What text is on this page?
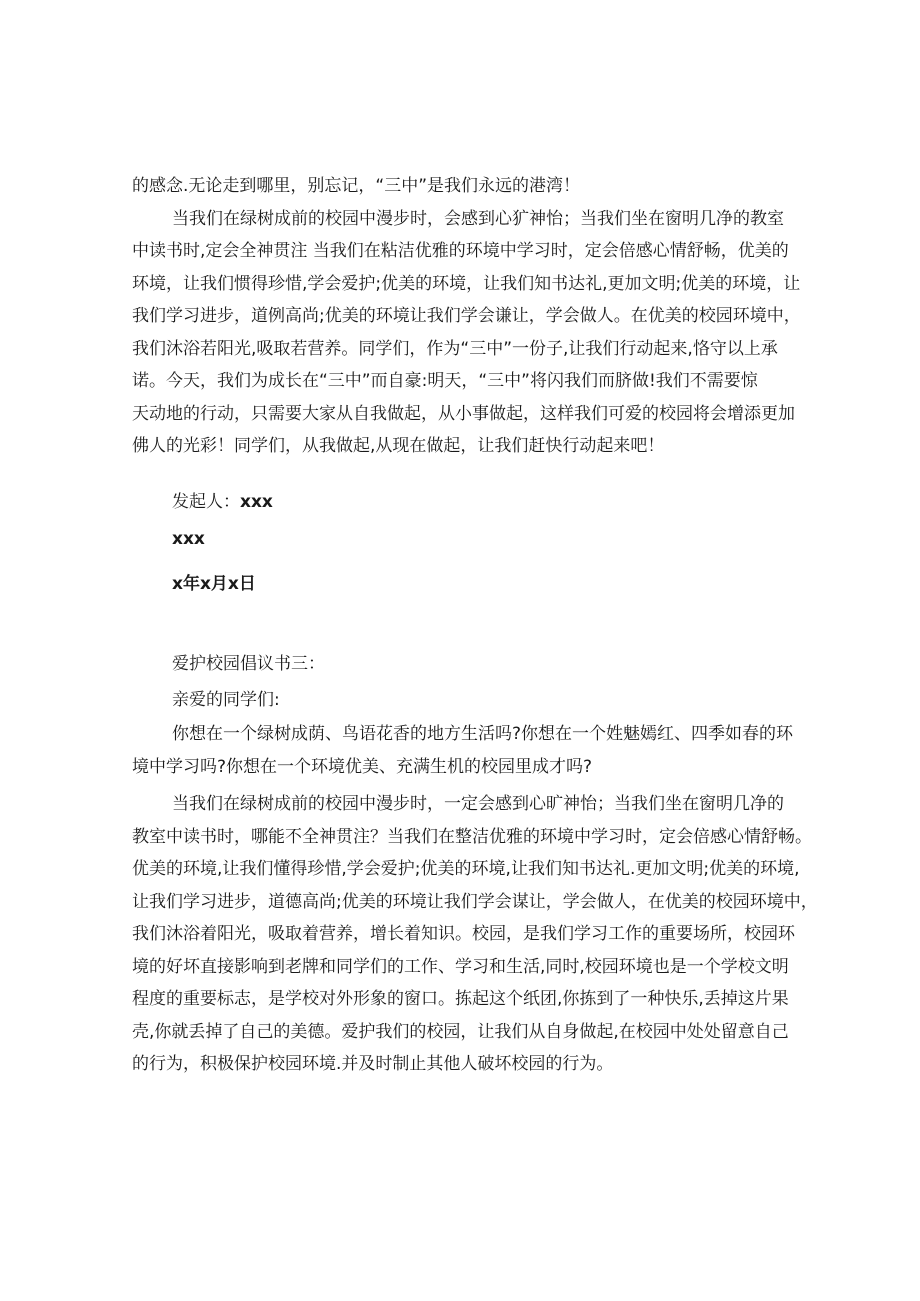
的感念.无论走到哪里，别忘记，“三中”是我们永远的港湾！
当我们在绿树成前的校园中漫步时，会感到心犷神怡；当我们坐在窗明几净的教室
中读书时,定会全神贯注 当我们在粘洁优雅的环境中学习时，定会倍感心情舒畅，优美的
环境，让我们惯得珍惜,学会爱护;优美的环境，让我们知书达礼,更加文明;优美的环境，让
我们学习进步，道例高尚;优美的环境让我们学会谦让，学会做人。在优美的校园环境中，
我们沐浴若阳光,吸取若营养。同学们，作为“三中”一份子,让我们行动起来,恪守以上承
诺。今天，我们为成长在“三中”而自豪:明天，“三中”将闪我们而脐做!我们不需要惊
天动地的行动，只需要大家从自我做起，从小事做起，这样我们可爱的校园将会增添更加
佛人的光彩！同学们，从我做起,从现在做起，让我们赶快行动起来吧！
发起人：xxx
xxx
x年x月x日
爱护校园倡议书三：
亲爱的同学们:
你想在一个绿树成荫、鸟语花香的地方生活吗?你想在一个姓魅嫣红、四季如春的环
境中学习吗?你想在一个环境优美、充满生机的校园里成才吗?
当我们在绿树成前的校园中漫步时，一定会感到心旷神怡；当我们坐在窗明几净的
教室中读书时，哪能不全神贯注？当我们在整洁优雅的环境中学习时，定会倍感心情舒畅。
优美的环境,让我们懂得珍惜,学会爱护;优美的环境,让我们知书达礼.更加文明;优美的环境,
让我们学习进步，道德高尚;优美的环境让我们学会谋让，学会做人，在优美的校园环境中，
我们沐浴着阳光，吸取着营养，增长着知识。校园，是我们学习工作的重要场所，校园环
境的好坏直接影响到老牌和同学们的工作、学习和生活,同时,校园环境也是一个学校文明
程度的重要标志，是学校对外形象的窗口。拣起这个纸团,你拣到了一种快乐,丢掉这片果
壳,你就丢掉了自己的美德。爱护我们的校园，让我们从自身做起,在校园中处处留意自己
的行为，积极保护校园环境.并及时制止其他人破坏校园的行为。
